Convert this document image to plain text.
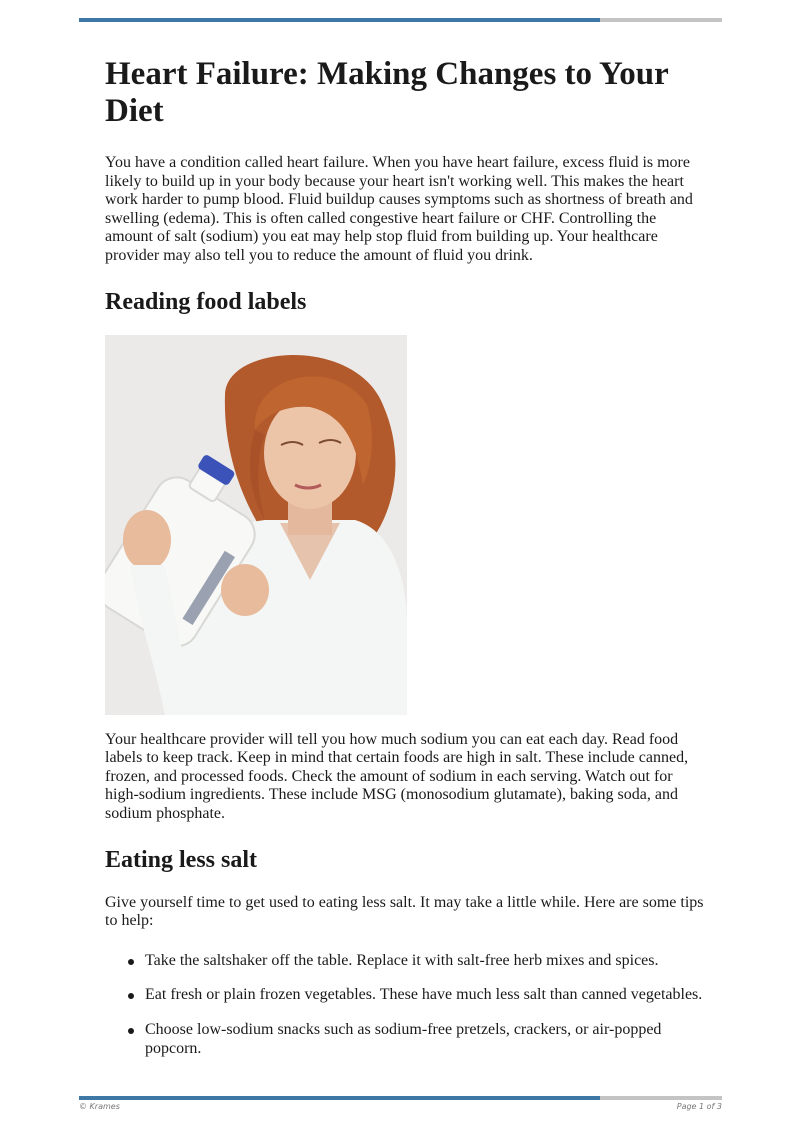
Heart Failure: Making Changes to Your Diet

You have a condition called heart failure. When you have heart failure, excess fluid is more likely to build up in your body because your heart isn't working well. This makes the heart work harder to pump blood. Fluid buildup causes symptoms such as shortness of breath and swelling (edema). This is often called congestive heart failure or CHF. Controlling the amount of salt (sodium) you eat may help stop fluid from building up. Your healthcare provider may also tell you to reduce the amount of fluid you drink.

Reading food labels

Your healthcare provider will tell you how much sodium you can eat each day. Read food labels to keep track. Keep in mind that certain foods are high in salt. These include canned, frozen, and processed foods. Check the amount of sodium in each serving. Watch out for high-sodium ingredients. These include MSG (monosodium glutamate), baking soda, and sodium phosphate.

Eating less salt

Give yourself time to get used to eating less salt. It may take a little while. Here are some tips to help:

Take the saltshaker off the table. Replace it with salt-free herb mixes and spices.
Eat fresh or plain frozen vegetables. These have much less salt than canned vegetables.
Choose low-sodium snacks such as sodium-free pretzels, crackers, or air-popped popcorn.
© Krames	Page 1 of 3
